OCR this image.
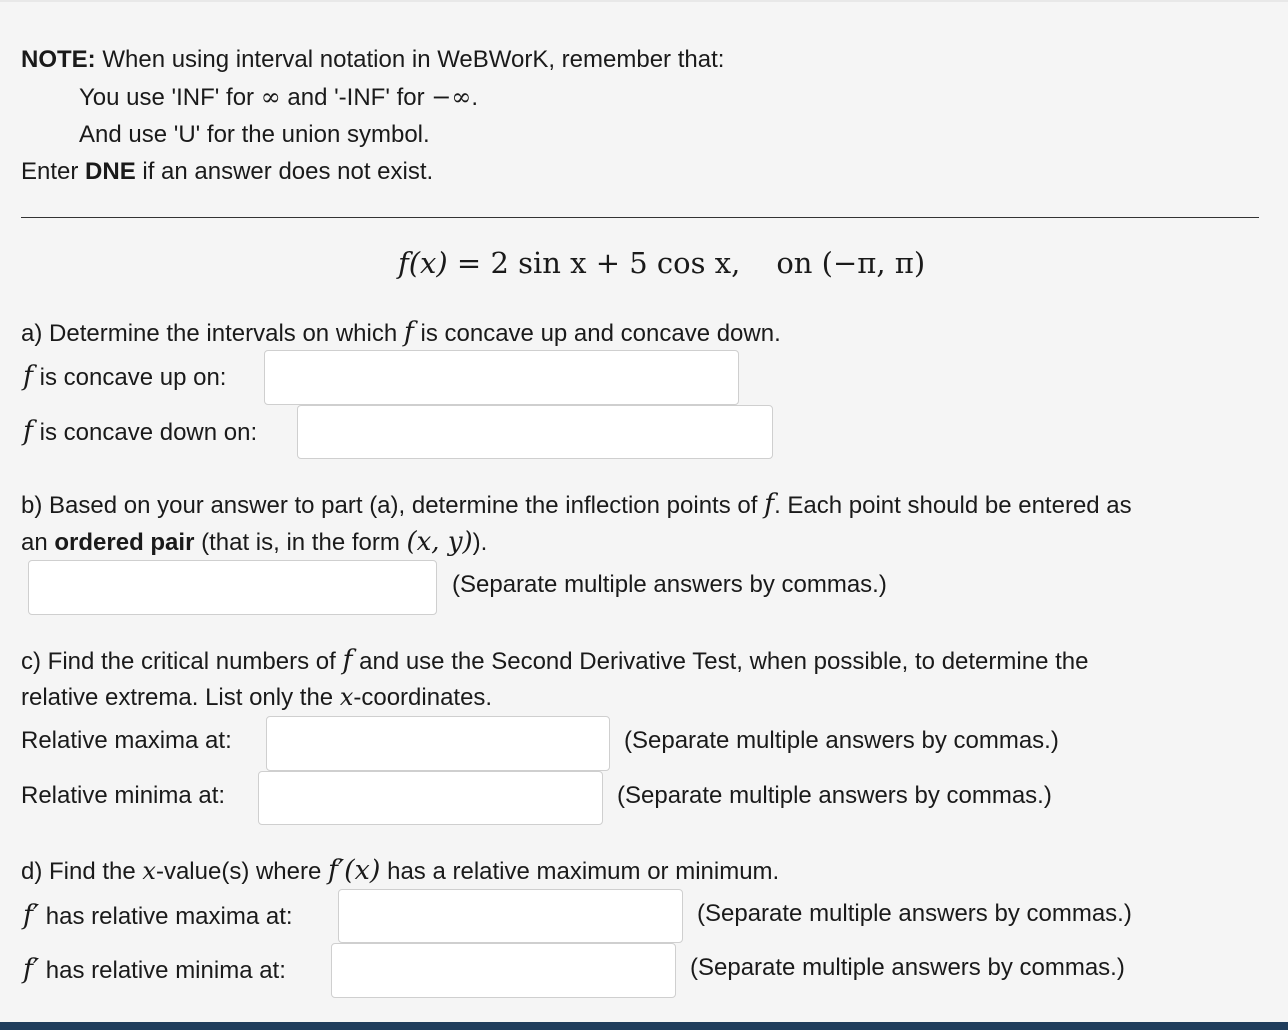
NOTE: When using interval notation in WeBWorK, remember that:
You use 'INF' for ∞ and '-INF' for −∞.
And use 'U' for the union symbol.
Enter DNE if an answer does not exist.
f(x) = 2 sin x + 5 cos x, on (−π, π)
a) Determine the intervals on which f is concave up and concave down.
f is concave up on:
f is concave down on:
b) Based on your answer to part (a), determine the inflection points of f. Each point should be entered as
an ordered pair (that is, in the form (x, y)).
(Separate multiple answers by commas.)
c) Find the critical numbers of f and use the Second Derivative Test, when possible, to determine the
relative extrema. List only the x-coordinates.
Relative maxima at:	(Separate multiple answers by commas.)
Relative minima at:	(Separate multiple answers by commas.)
d) Find the x-value(s) where f′(x) has a relative maximum or minimum.
f′ has relative maxima at:	(Separate multiple answers by commas.)
f′ has relative minima at:	(Separate multiple answers by commas.)
